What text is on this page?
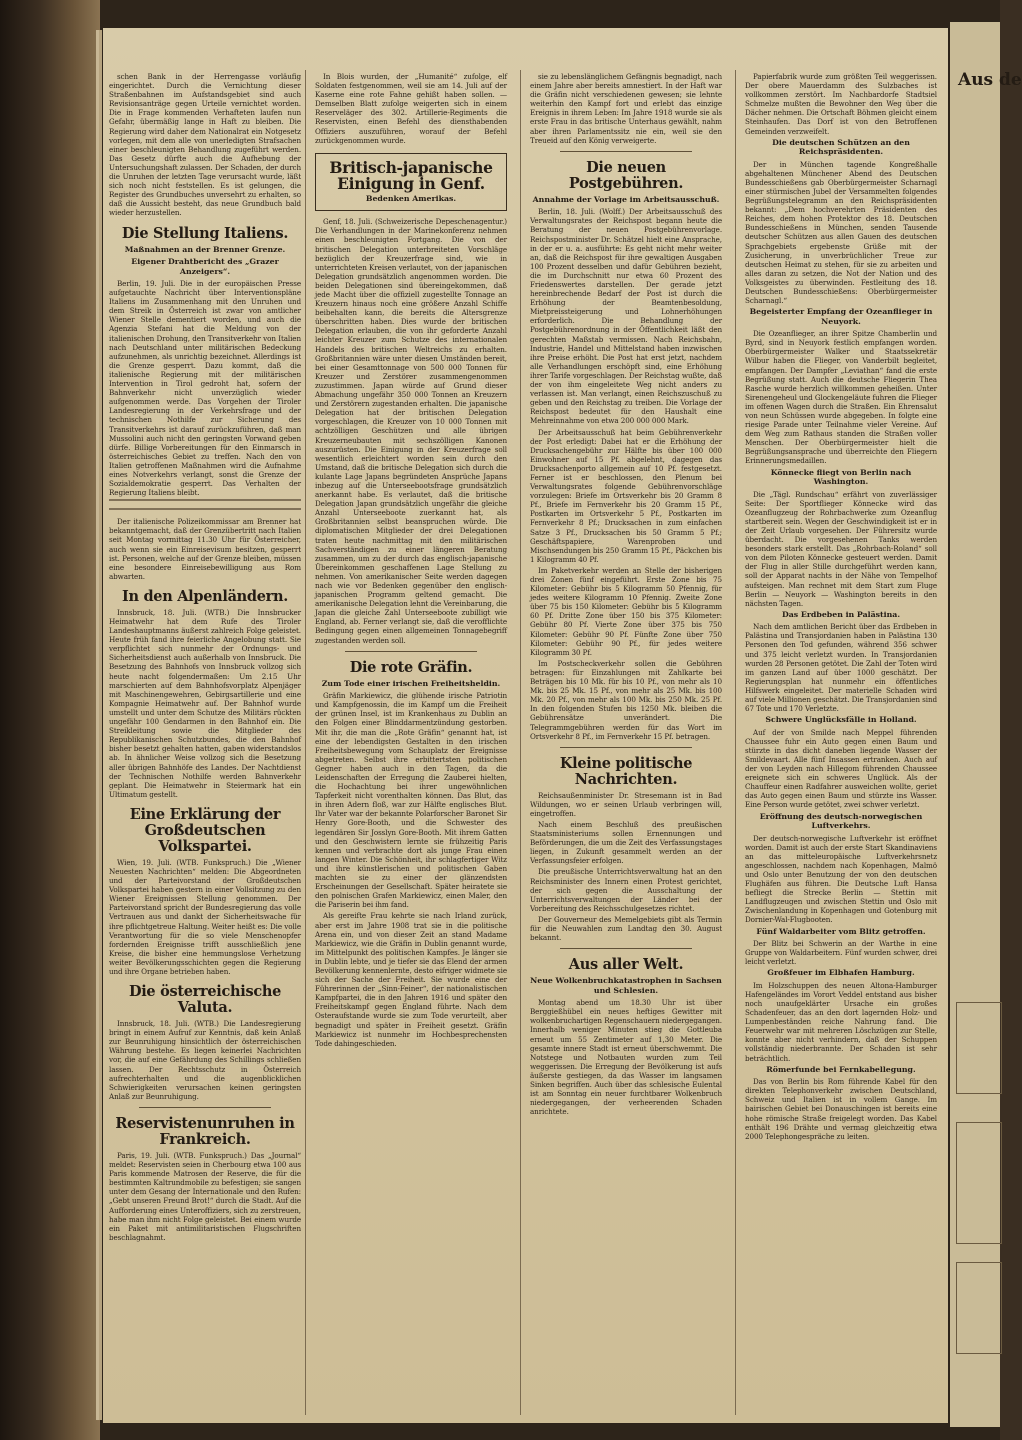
schen Bank in der Herrengasse vorläufig eingerichtet. Durch die Vernichtung dieser Straßenbahnen im Aufstandsgebiet sind auch Revisionsanträge gegen Urteile vernichtet worden. Die in Frage kommenden Verhafteten laufen nun Gefahr, übermäßig lange in Haft zu bleiben. Die Regierung wird daher dem Nationalrat ein Notgesetz vorlegen, mit dem alle von unerledigten Strafsachen einer beschleunigten Behandlung zugeführt werden. Das Gesetz dürfte auch die Aufhebung der Untersuchungshaft zulassen. Der Schaden, der durch die Unruhen der letzten Tage verursacht wurde, läßt sich noch nicht feststellen. Es ist gelungen, die Register des Grundbuches unversehrt zu erhalten, so daß die Aussicht besteht, das neue Grundbuch bald wieder herzustellen.

Die Stellung Italiens.
Maßnahmen an der Brenner Grenze.
Eigener Drahtbericht des „Grazer Anzeigers“.

Berlin, 19. Juli. Die in der europäischen Presse aufgetauchte Nachricht über Interventionspläne Italiens im Zusammenhang mit den Unruhen und dem Streik in Österreich ist zwar von amtlicher Wiener Stelle dementiert worden, und auch die Agenzia Stefani hat die Meldung von der italienischen Drohung, den Transitverkehr von Italien nach Deutschland unter militärischen Bedeckung aufzunehmen, als unrichtig bezeichnet. Allerdings ist die Grenze gesperrt. Dazu kommt, daß die italienische Regierung mit der militärischen Intervention in Tirol gedroht hat, sofern der Bahnverkehr nicht unverzüglich wieder aufgenommen werde. Das Vorgehen der Tiroler Landesregierung in der Verkehrsfrage und der technischen Nothilfe zur Sicherung des Transitverkehrs ist darauf zurückzuführen, daß man Mussolini auch nicht den geringsten Vorwand geben dürfe. Billige Vorbereitungen für den Einmarsch in österreichisches Gebiet zu treffen. Nach den von Italien getroffenen Maßnahmen wird die Aufnahme eines Notverkehrs verlangt, sonst die Grenze der Sozialdemokratie gesperrt. Das Verhalten der Regierung Italiens bleibt.

Der italienische Polizeikommissar am Brenner hat bekanntgemacht, daß der Grenzübertritt nach Italien seit Montag vormittag 11.30 Uhr für Österreicher, auch wenn sie ein Einreisevisum besitzen, gesperrt ist. Personen, welche auf der Grenze bleiben, müssen eine besondere Einreisebewilligung aus Rom abwarten.

In den Alpenländern.

Innsbruck, 18. Juli. (WTB.) Die Innsbrucker Heimatwehr hat dem Rufe des Tiroler Landeshauptmanns äußerst zahlreich Folge geleistet. Heute früh fand ihre feierliche Angelobung statt. Sie verpflichtet sich nunmehr der Ordnungs- und Sicherheitsdienst auch außerhalb von Innsbruck. Die Besetzung des Bahnhofs von Innsbruck vollzog sich heute nacht folgendermaßen: Um 2.15 Uhr marschierten auf dem Bahnhofsvorplatz Alpenjäger mit Maschinengewehren, Gebirgsartillerie und eine Kompagnie Heimatwehr auf. Der Bahnhof wurde umstellt und unter dem Schutze des Militärs rückten ungefähr 100 Gendarmen in den Bahnhof ein. Die Streikleitung sowie die Mitglieder des Republikanischen Schutzbundes, die den Bahnhof bisher besetzt gehalten hatten, gaben widerstandslos ab. In ähnlicher Weise vollzog sich die Besetzung aller übrigen Bahnhöfe des Landes. Der Nachtdienst der Technischen Nothilfe werden Bahnverkehr geplant. Die Heimatwehr in Steiermark hat ein Ultimatum gestellt.

Eine Erklärung der Großdeutschen Volkspartei.

Wien, 19. Juli. (WTB. Funkspruch.) Die „Wiener Neuesten Nachrichten“ melden: Die Abgeordneten und der Parteivorstand der Großdeutschen Volkspartei haben gestern in einer Vollsitzung zu den Wiener Ereignissen Stellung genommen. Der Parteivorstand spricht der Bundesregierung das volle Vertrauen aus und dankt der Sicherheitswache für ihre pflichtgetreue Haltung. Weiter heißt es: Die volle Verantwortung für die so viele Menschenopfer fordernden Ereignisse trifft ausschließlich jene Kreise, die bisher eine hemmungslose Verhetzung weiter Bevölkerungsschichten gegen die Regierung und ihre Organe betrieben haben.

Die österreichische Valuta.

Innsbruck, 18. Juli. (WTB.) Die Landesregierung bringt in einem Aufruf zur Kenntnis, daß kein Anlaß zur Beunruhigung hinsichtlich der österreichischen Währung bestehe. Es liegen keinerlei Nachrichten vor, die auf eine Gefährdung des Schillings schließen lassen. Der Rechtsschutz in Österreich aufrechterhalten und die augenblicklichen Schwierigkeiten verursachen keinen geringsten Anlaß zur Beunruhigung.

Reservistenunruhen in Frankreich.

Paris, 19. Juli. (WTB. Funkspruch.) Das „Journal“ meldet: Reservisten seien in Cherbourg etwa 100 aus Paris kommende Matrosen der Reserve, die für die bestimmten Kaltrundmobile zu befestigen; sie sangen unter dem Gesang der Internationale und den Rufen: „Gebt unseren Freund Brot!“ durch die Stadt. Auf die Aufforderung eines Unteroffiziers, sich zu zerstreuen, habe man ihm nicht Folge geleistet. Bei einem wurde ein Paket mit antimilitaristischen Flugschriften beschlagnahmt.

In Blois wurden, der „Humanité“ zufolge, elf Soldaten festgenommen, weil sie am 14. Juli auf der Kaserne eine rote Fahne gehißt haben sollen. — Demselben Blatt zufolge weigerten sich in einem Reserveläger des 302. Artillerie-Regiments die Reservisten, einen Befehl des diensthabenden Offiziers auszuführen, worauf der Befehl zurückgenommen wurde.

Britisch-japanische Einigung in Genf.
Bedenken Amerikas.

Genf, 18. Juli. (Schweizerische Depeschenagentur.) Die Verhandlungen in der Marinekonferenz nehmen einen beschleunigten Fortgang. Die von der britischen Delegation unterbreiteten Vorschläge bezüglich der Kreuzerfrage sind, wie in unterrichteten Kreisen verlautet, von der japanischen Delegation grundsätzlich angenommen worden. Die beiden Delegationen sind übereingekommen, daß jede Macht über die offiziell zugestellte Tonnage an Kreuzern hinaus noch eine größere Anzahl Schiffe beibehalten kann, die bereits die Altersgrenze überschritten haben. Dies wurde der britischen Delegation erlauben, die von ihr geforderte Anzahl leichter Kreuzer zum Schutze des internationalen Handels des britischen Weltreichs zu erhalten. Großbritannien wäre unter diesen Umständen bereit, bei einer Gesamttonnage von 500 000 Tonnen für Kreuzer und Zerstörer zusammengenommen zuzustimmen. Japan würde auf Grund dieser Abmachung ungefähr 350 000 Tonnen an Kreuzern und Zerstörern zugestanden erhalten. Die japanische Delegation hat der britischen Delegation vorgeschlagen, die Kreuzer von 10 000 Tonnen mit achtzölligen Geschützen und alle übrigen Kreuzerneubauten mit sechszölligen Kanonen auszurüsten. Die Einigung in der Kreuzerfrage soll wesentlich erleichtert worden sein durch den Umstand, daß die britische Delegation sich durch die kulante Lage Japans begründeten Ansprüche Japans inbezug auf die Unterseebootsfrage grundsätzlich anerkannt habe. Es verlautet, daß die britische Delegation Japan grundsätzlich ungefähr die gleiche Anzahl Unterseeboote zuerkannt hat, als Großbritannien selbst beanspruchen würde. Die diplomatischen Mitglieder der drei Delegationen traten heute nachmittag mit den militärischen Sachverständigen zu einer längeren Beratung zusammen, um zu der durch das englisch-japanische Übereinkommen geschaffenen Lage Stellung zu nehmen. Von amerikanischer Seite werden dagegen nach wie vor Bedenken gegenüber den englisch-japanischen Programm geltend gemacht. Die amerikanische Delegation lehnt die Vereinbarung, die Japan die gleiche Zahl Unterseeboote zubilligt wie England, ab. Ferner verlangt sie, daß die verofflichte Bedingung gegen einen allgemeinen Tonnagebegriff zugestanden werden soll.

Die rote Gräfin.
Zum Tode einer irischen Freiheitsheldin.

Gräfin Markiewicz, die glühende irische Patriotin und Kampfgenossin, die im Kampf um die Freiheit der grünen Insel, ist im Krankenhaus zu Dublin an den Folgen einer Blinddarmentzündung gestorben. Mit ihr, die man die „Rote Gräfin“ genannt hat, ist eine der lebendigsten Gestalten in den irischen Freiheitsbewegung vom Schauplatz der Ereignisse abgetreten. Selbst ihre erbittertsten politischen Gegner haben auch in den Tagen, da die Leidenschaften der Erregung die Zauberei hielten, die Hochachtung bei ihrer ungewöhnlichen Tapferkeit nicht vorenthalten können. Das Blut, das in ihren Adern floß, war zur Hälfte englisches Blut. Ihr Vater war der bekannte Polarforscher Baronet Sir Henry Gore-Booth, und die Schwester des legendären Sir Josslyn Gore-Booth. Mit ihrem Gatten und den Geschwistern lernte sie frühzeitig Paris kennen und verbrachte dort als junge Frau einen langen Winter. Die Schönheit, ihr schlagfertiger Witz und ihre künstlerischen und politischen Gaben machten sie zu einer der glänzendsten Erscheinungen der Gesellschaft. Später heiratete sie den polnischen Grafen Markiewicz, einen Maler, den die Pariserin bei ihm fand.

Als gereifte Frau kehrte sie nach Irland zurück, aber erst im Jahre 1908 trat sie in die politische Arena ein, und von dieser Zeit an stand Madame Markiewicz, wie die Gräfin in Dublin genannt wurde, im Mittelpunkt des politischen Kampfes. Je länger sie in Dublin lebte, und je tiefer sie das Elend der armen Bevölkerung kennenlernte, desto eifriger widmete sie sich der Sache der Freiheit. Sie wurde eine der Führerinnen der „Sinn-Feiner“, der nationalistischen Kampfpartei, die in den Jahren 1916 und später den Freiheitskampf gegen England führte. Nach dem Osteraufstande wurde sie zum Tode verurteilt, aber begnadigt und später in Freiheit gesetzt. Gräfin Markiewicz ist nunmehr im Hochbesprechensten Tode dahingeschieden.

sie zu lebenslänglichem Gefängnis begnadigt, nach einem Jahre aber bereits amnestiert. In der Haft war die Gräfin nicht verschiedenen gewesen; sie lehnte weiterhin den Kampf fort und erlebt das einzige Ereignis in ihrem Leben: Im Jahre 1918 wurde sie als erste Frau in das britische Unterhaus gewählt, nahm aber ihren Parlamentssitz nie ein, weil sie den Treueid auf den König verweigerte.

Die neuen Postgebühren.
Annahme der Vorlage im Arbeitsausschuß.

Berlin, 18. Juli. (Wolff.) Der Arbeitsausschuß des Verwaltungsrates der Reichspost begann heute die Beratung der neuen Postgebührenvorlage. Reichspostminister Dr. Schätzel hielt eine Ansprache, in der er u. a. ausführte: Es geht nicht mehr weiter an, daß die Reichspost für ihre gewaltigen Ausgaben 100 Prozent desselben und dafür Gebühren bezieht, die im Durchschnitt nur etwa 60 Prozent des Friedenswertes darstellen. Der gerade jetzt hereinbrechende Bedarf der Post ist durch die Erhöhung der Beamtenbesoldung, Mietpreissteigerung und Lohnerhöhungen erforderlich. Die Behandlung der Postgebührenordnung in der Öffentlichkeit läßt den gerechten Maßstab vermissen. Nach Reichsbahn, Industrie, Handel und Mittelstand haben inzwischen ihre Preise erhöht. Die Post hat erst jetzt, nachdem alle Verhandlungen erschöpft sind, eine Erhöhung ihrer Tarife vorgeschlagen. Der Reichstag wußte, daß der von ihm eingeleitete Weg nicht anders zu verlassen ist. Man verlangt, einen Reichszuschuß zu geben und den Reichstag zu treiben. Die Vorlage der Reichspost bedeutet für den Haushalt eine Mehreinnahme von etwa 200 000 000 Mark.

Der Arbeitsausschuß hat beim Gebührenverkehr der Post erledigt: Dabei hat er die Erhöhung der Drucksachengebühr zur Hälfte bis über 100 000 Einwohner auf 15 Pf. abgelehnt, dagegen das Drucksachenporto allgemein auf 10 Pf. festgesetzt. Ferner ist er beschlossen, den Plenum bei Verwaltungsrates folgende Gebührenvorschläge vorzulegen: Briefe im Ortsverkehr bis 20 Gramm 8 Pf., Briefe im Fernverkehr bis 20 Gramm 15 Pf., Postkarten im Ortsverkehr 5 Pf., Postkarten im Fernverkehr 8 Pf.; Drucksachen in zum einfachen Satze 3 Pf., Drucksachen bis 50 Gramm 5 Pf.; Geschäftspapiere, Warenproben und Mischsendungen bis 250 Gramm 15 Pf., Päckchen bis 1 Kilogramm 40 Pf.

Im Paketverkehr werden an Stelle der bisherigen drei Zonen fünf eingeführt. Erste Zone bis 75 Kilometer: Gebühr bis 5 Kilogramm 50 Pfennig, für jedes weitere Kilogramm 10 Pfennig. Zweite Zone über 75 bis 150 Kilometer: Gebühr bis 5 Kilogramm 60 Pf. Dritte Zone über 150 bis 375 Kilometer: Gebühr 80 Pf. Vierte Zone über 375 bis 750 Kilometer: Gebühr 90 Pf. Fünfte Zone über 750 Kilometer: Gebühr 90 Pf., für jedes weitere Kilogramm 30 Pf.

Im Postscheckverkehr sollen die Gebühren betragen: für Einzahlungen mit Zahlkarte bei Beträgen bis 10 Mk. für bis 10 Pf., von mehr als 10 Mk. bis 25 Mk. 15 Pf., von mehr als 25 Mk. bis 100 Mk. 20 Pf., von mehr als 100 Mk. bis 250 Mk. 25 Pf. In den folgenden Stufen bis 1250 Mk. bleiben die Gebührensätze unverändert. Die Telegrammgebühren werden für das Wort im Ortsverkehr 8 Pf., im Fernverkehr 15 Pf. betragen.

Kleine politische Nachrichten.

Reichsaußenminister Dr. Stresemann ist in Bad Wildungen, wo er seinen Urlaub verbringen will, eingetroffen.

Nach einem Beschluß des preußischen Staatsministeriums sollen Ernennungen und Beförderungen, die um die Zeit des Verfassungstages liegen, in Zukunft gesammelt werden an der Verfassungsfeier erfolgen.

Die preußische Unterrichtsverwaltung hat an den Reichsminister des Innern einen Protest gerichtet, der sich gegen die Ausschaltung der Unterrichtsverwaltungen der Länder bei der Vorbereitung des Reichsschulgesetzes richtet.

Der Gouverneur des Memelgebiets gibt als Termin für die Neuwahlen zum Landtag den 30. August bekannt.

Aus aller Welt.
Neue Wolkenbruchkatastrophen in Sachsen und Schlesien.

Montag abend um 18.30 Uhr ist über Berggießhübel ein neues heftiges Gewitter mit wolkenbruchartigen Regenschauern niedergegangen. Innerhalb weniger Minuten stieg die Gottleuba erneut um 55 Zentimeter auf 1,30 Meter. Die gesamte innere Stadt ist erneut überschwemmt. Die Notstege und Notbauten wurden zum Teil weggerissen. Die Erregung der Bevölkerung ist aufs äußerste gestiegen, da das Wasser im langsamen Sinken begriffen. Auch über das schlesische Eulental ist am Sonntag ein neuer furchtbarer Wolkenbruch niedergegangen, der verheerenden Schaden anrichtete.

Papierfabrik wurde zum größten Teil weggerissen. Der obere Mauerdamm des Sulzbaches ist vollkommen zerstört. Im Nachbardorfe Stadtsiel Schmelze mußten die Bewohner den Weg über die Dächer nehmen. Die Ortschaft Böhmen gleicht einem Steinhaufen. Das Dorf ist von den Betroffenen Gemeinden verzweifelt.

Die deutschen Schützen an den Reichspräsidenten.

Der in München tagende Kongreßhalle abgehaltenen Münchener Abend des Deutschen Bundesschießens gab Oberbürgermeister Scharnagl einer stürmischen Jubel der Versammelten folgendes Begrüßungstelegramm an den Reichspräsidenten bekannt: „Dem hochverehrten Präsidenten des Reiches, dem hohen Protektor des 18. Deutschen Bundesschießens in München, senden Tausende deutscher Schützen aus allen Gauen des deutschen Sprachgebiets ergebenste Grüße mit der Zusicherung, in unverbrüchlicher Treue zur deutschen Heimat zu stehen, für sie zu arbeiten und alles daran zu setzen, die Not der Nation und des Volksgeistes zu überwinden. Festleitung des 18. Deutschen Bundesschießens: Oberbürgermeister Scharnagl.“

Begeisterter Empfang der Ozeanflieger in Neuyork.

Die Ozeanflieger, an ihrer Spitze Chamberlin und Byrd, sind in Neuyork festlich empfangen worden. Oberbürgermeister Walker und Staatssekretär Wilbur haben die Flieger, von Vanderbilt begleitet, empfangen. Der Dampfer „Leviathan“ fand die erste Begrüßung statt. Auch die deutsche Fliegerin Thea Rasche wurde herzlich willkommen geheißen. Unter Sirenengeheul und Glockengeläute fuhren die Flieger im offenen Wagen durch die Straßen. Ein Ehrensalut von neun Schüssen wurde abgegeben. In folgte eine riesige Parade unter Teilnahme vieler Vereine. Auf dem Weg zum Rathaus standen die Straßen voller Menschen. Der Oberbürgermeister hielt die Begrüßungsansprache und überreichte den Fliegern Erinnerungsmedaillen.

Könnecke fliegt von Berlin nach Washington.

Die „Tägl. Rundschau“ erfährt von zuverlässiger Seite: Der Sportflieger Könnecke wird das Ozeanflugzeug der Rohrbachwerke zum Ozeanflug startbereit sein. Wegen der Geschwindigkeit ist er in der Zeit Urlaub vorgesehen. Der Führersitz wurde überdacht. Die vorgesehenen Tanks werden besonders stark erstellt. Das „Rohrbach-Roland“ soll von dem Piloten Könnecke gesteuert werden. Damit der Flug in aller Stille durchgeführt werden kann, soll der Apparat nachts in der Nähe von Tempelhof aufsteigen. Man rechnet mit dem Start zum Fluge Berlin — Neuyork — Washington bereits in den nächsten Tagen.

Das Erdbeben in Palästina.

Nach dem amtlichen Bericht über das Erdbeben in Palästina und Transjordanien haben in Palästina 130 Personen den Tod gefunden, während 356 schwer und 375 leicht verletzt wurden. In Transjordanien wurden 28 Personen getötet. Die Zahl der Toten wird im ganzen Land auf über 1000 geschätzt. Der Regierungsplan hat nunmehr ein öffentliches Hilfswerk eingeleitet. Der materielle Schaden wird auf viele Millionen geschätzt. Die Transjordanien sind 67 Tote und 170 Verletzte.

Schwere Unglücksfälle in Holland.

Auf der von Smilde nach Meppel führenden Chaussee fuhr ein Auto gegen einen Baum und stürzte in das dicht daneben liegende Wasser der Smildevaart. Alle fünf Insassen ertranken. Auch auf der von Leyden nach Hillegom führenden Chaussee ereignete sich ein schweres Unglück. Als der Chauffeur einen Radfahrer ausweichen wollte, geriet das Auto gegen einen Baum und stürzte ins Wasser. Eine Person wurde getötet, zwei schwer verletzt.

Eröffnung des deutsch-norwegischen Luftverkehrs.

Der deutsch-norwegische Luftverkehr ist eröffnet worden. Damit ist auch der erste Start Skandinaviens an das mitteleuropäische Luftverkehrsnetz angeschlossen, nachdem nach Kopenhagen, Malmö und Oslo unter Benutzung der von den deutschen Flughäfen aus führen. Die Deutsche Luft Hansa befliegt die Strecke Berlin — Stettin mit Landflugzeugen und zwischen Stettin und Oslo mit Zwischenlandung in Kopenhagen und Gotenburg mit Dornier-Wal-Flugbooten.

Fünf Waldarbeiter vom Blitz getroffen.

Der Blitz bei Schwerin an der Warthe in eine Gruppe von Waldarbeitern. Fünf wurden schwer, drei leicht verletzt.

Großfeuer im Elbhafen Hamburg.

Im Holzschuppen des neuen Altona-Hamburger Hafengeländes im Vorort Veddel entstand aus bisher noch unaufgeklärter Ursache ein großes Schadenfeuer, das an den dort lagernden Holz- und Lumpenbeständen reiche Nahrung fand. Die Feuerwehr war mit mehreren Löschzügen zur Stelle, konnte aber nicht verhindern, daß der Schuppen vollständig niederbrannte. Der Schaden ist sehr beträchtlich.

Römerfunde bei Fernkabellegung.

Das von Berlin bis Rom führende Kabel für den direkten Telephonverkehr zwischen Deutschland, Schweiz und Italien ist in vollem Gange. Im bairischen Gebiet bei Donauschingen ist bereits eine hohe römische Straße freigelegt worden. Das Kabel enthält 196 Drähte und vermag gleichzeitig etwa 2000 Telephongespräche zu leiten.

Aus de
